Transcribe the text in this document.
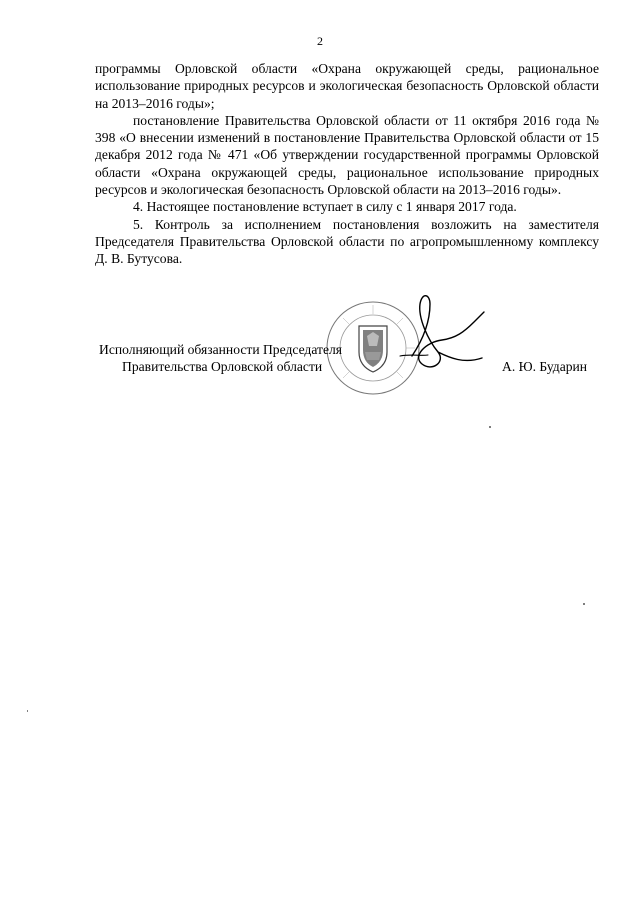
2

программы Орловской области «Охрана окружающей среды, рациональное использование природных ресурсов и экологическая безопасность Орловской области на 2013–2016 годы»;

постановление Правительства Орловской области от 11 октября 2016 года № 398 «О внесении изменений в постановление Правительства Орловской области от 15 декабря 2012 года № 471 «Об утверждении государственной программы Орловской области «Охрана окружающей среды, рациональное использование природных ресурсов и экологическая безопасность Орловской области на 2013–2016 годы».

4. Настоящее постановление вступает в силу с 1 января 2017 года.

5. Контроль за исполнением постановления возложить на заместителя Председателя Правительства Орловской области по агропромышленному комплексу Д. В. Бутусова.

Исполняющий обязанности Председателя
Правительства Орловской области	А. Ю. Бударин
